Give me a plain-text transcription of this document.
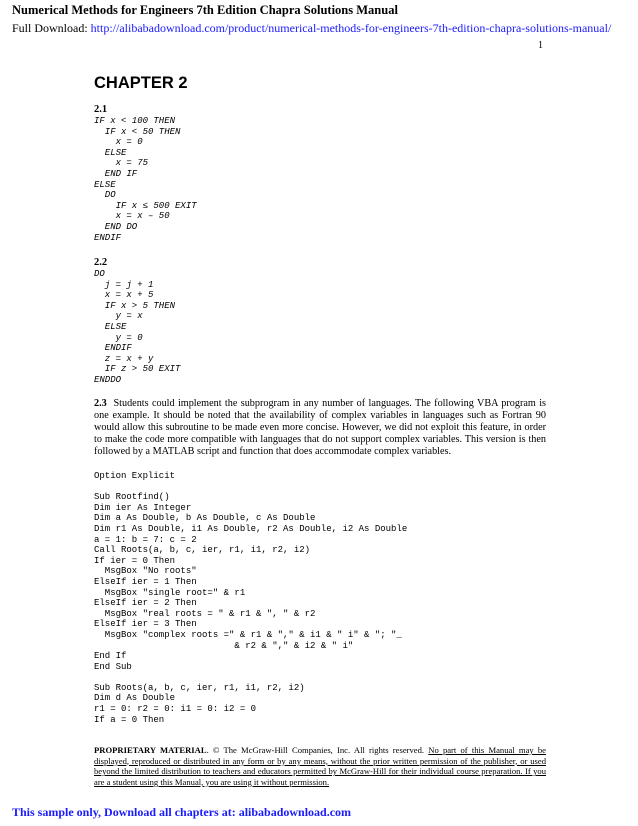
Numerical Methods for Engineers 7th Edition Chapra Solutions Manual
Full Download: http://alibabadownload.com/product/numerical-methods-for-engineers-7th-edition-chapra-solutions-manual/
1
CHAPTER 2
2.1
IF x < 100 THEN
IF x < 50 THEN
x = 0
ELSE
x = 75
END IF
ELSE
DO
IF x ≤ 500 EXIT
x = x – 50
END DO
ENDIF
2.2
DO
j = j + 1
x = x + 5
IF x > 5 THEN
y = x
ELSE
y = 0
ENDIF
z = x + y
IF z > 50 EXIT
ENDDO

2.3 Students could implement the subprogram in any number of languages. The following VBA program is one example. It should be noted that the availability of complex variables in languages such as Fortran 90 would allow this subroutine to be made even more concise. However, we did not exploit this feature, in order to make the code more compatible with languages that do not support complex variables. This version is then followed by a MATLAB script and function that does accommodate complex variables.

Option Explicit

Sub Rootfind()
Dim ier As Integer
Dim a As Double, b As Double, c As Double
Dim r1 As Double, i1 As Double, r2 As Double, i2 As Double
a = 1: b = 7: c = 2
Call Roots(a, b, c, ier, r1, i1, r2, i2)
If ier = 0 Then
MsgBox "No roots"
ElseIf ier = 1 Then
MsgBox "single root=" & r1
ElseIf ier = 2 Then
MsgBox "real roots = " & r1 & ", " & r2
ElseIf ier = 3 Then
MsgBox "complex roots =" & r1 & "," & i1 & " i" & "; "_
& r2 & "," & i2 & " i"
End If
End Sub

Sub Roots(a, b, c, ier, r1, i1, r2, i2)
Dim d As Double
r1 = 0: r2 = 0: i1 = 0: i2 = 0
If a = 0 Then

PROPRIETARY MATERIAL. © The McGraw-Hill Companies, Inc. All rights reserved. No part of this Manual may be displayed, reproduced or distributed in any form or by any means, without the prior written permission of the publisher, or used beyond the limited distribution to teachers and educators permitted by McGraw-Hill for their individual course preparation. If you are a student using this Manual, you are using it without permission.

This sample only, Download all chapters at: alibabadownload.com
